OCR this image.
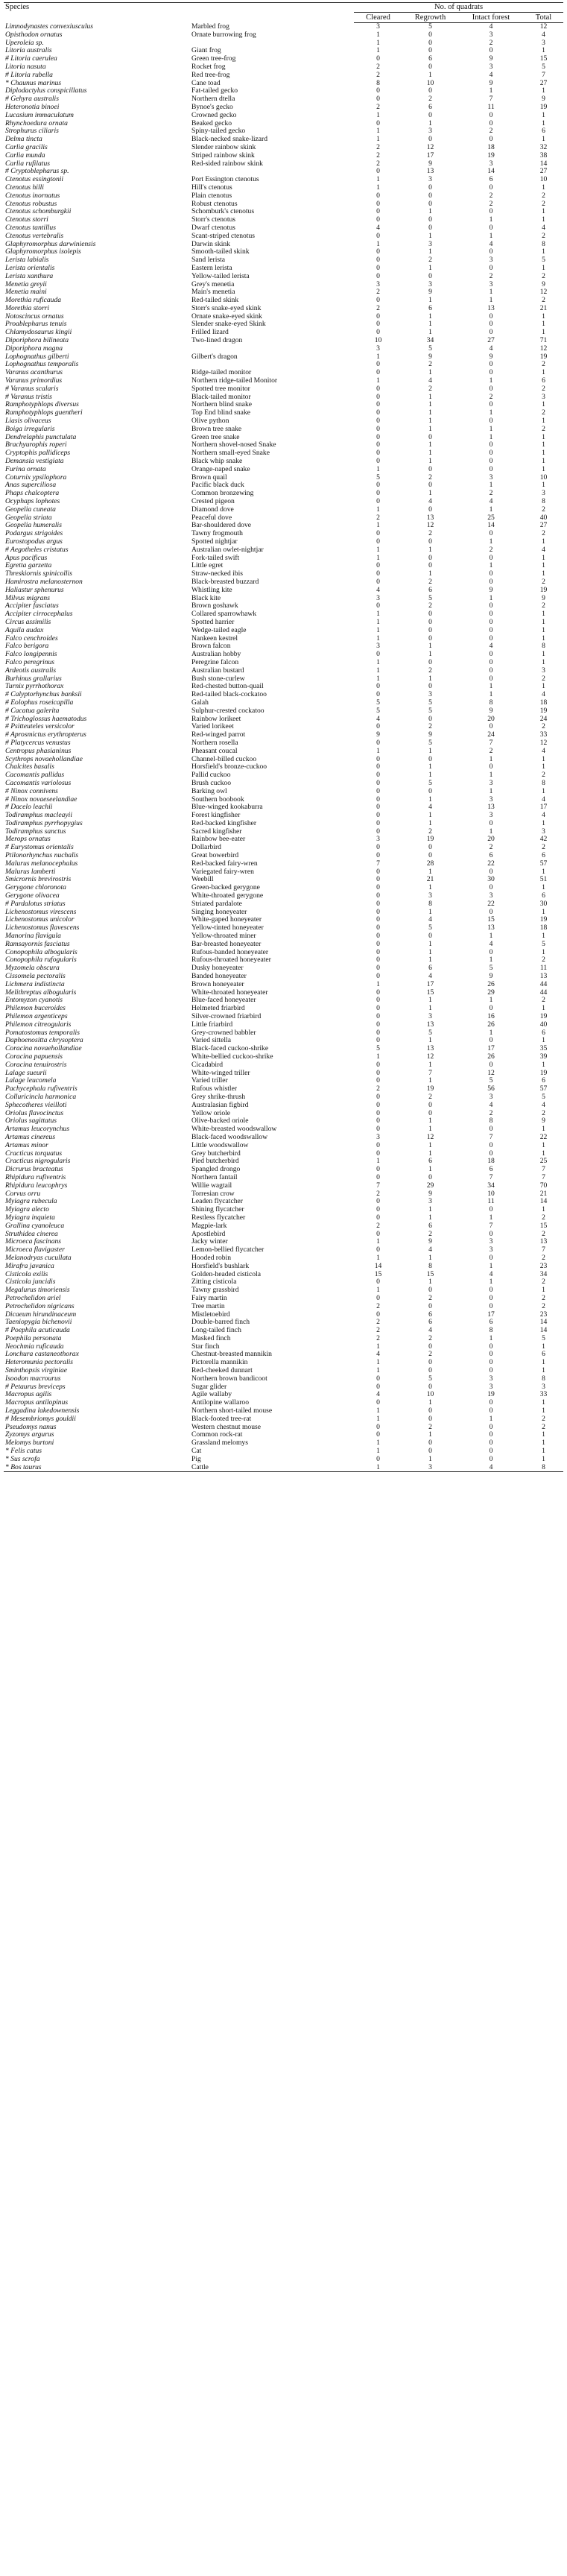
Species		No. of quadrats			
		Cleared	Regrowth	Intact forest	Total
Limnodynastes convexiusculus	Marbled frog	3	5	4	12
Opisthodon ornatus	Ornate burrowing frog	1	0	3	4
Uperoleia sp.		1	0	2	3
Litoria australis	Giant frog	1	0	0	1
# Litoria caerulea	Green tree-frog	0	6	9	15
Litoria nasuta	Rocket frog	2	0	3	5
# Litoria rubella	Red tree-frog	2	1	4	7
* Chaunus marinus	Cane toad	8	10	9	27
Diplodactylus conspicillatus	Fat-tailed gecko	0	0	1	1
# Gehyra australis	Northern dtella	0	2	7	9
Heteronotia binoei	Bynoe's gecko	2	6	11	19
Lucasium immaculatum	Crowned gecko	1	0	0	1
Rhynchoedura ornata	Beaked gecko	0	1	0	1
Strophurus ciliaris	Spiny-tailed gecko	1	3	2	6
Delma tincta	Black-necked snake-lizard	1	0	0	1
Carlia gracilis	Slender rainbow skink	2	12	18	32
Carlia munda	Striped rainbow skink	2	17	19	38
Carlia rufilatus	Red-sided rainbow skink	2	9	3	14
# Cryptoblepharus sp.		0	13	14	27
Ctenotus essingtonii	Port Essington ctenotus	1	3	6	10
Ctenotus hilli	Hill's ctenotus	1	0	0	1
Ctenotus inornatus	Plain ctenotus	0	0	2	2
Ctenotus robustus	Robust ctenotus	0	0	2	2
Ctenotus schomburgkii	Schomburk's ctenotus	0	1	0	1
Ctenotus storri	Storr's ctenotus	0	0	1	1
Ctenotus tantillus	Dwarf ctenotus	4	0	0	4
Ctenotus vertebralis	Scant-striped ctenotus	0	1	1	2
Glaphyromorphus darwiniensis	Darwin skink	1	3	4	8
Glaphyromorphus isolepis	Smooth-tailed skink	0	1	0	1
Lerista labialis	Sand lerista	0	2	3	5
Lerista orientalis	Eastern lerista	0	1	0	1
Lerista xanthura	Yellow-tailed lerista	0	0	2	2
Menetia greyii	Grey's menetia	3	3	3	9
Menetia maini	Main's menetia	2	9	1	12
Morethia ruficauda	Red-tailed skink	0	1	1	2
Morethia storri	Storr's snake-eyed skink	2	6	13	21
Notoscincus ornatus	Ornate snake-eyed skink	0	1	0	1
Proablepharus tenuis	Slender snake-eyed Skink	0	1	0	1
Chlamydosaurus kingii	Frilled lizard	0	1	0	1
Diporiphora bilineata	Two-lined dragon	10	34	27	71
Diporiphora magna		3	5	4	12
Lophognathus gilberti	Gilbert's dragon	1	9	9	19
Lophognathus temporalis		0	2	0	2
Varanus acanthurus	Ridge-tailed monitor	0	1	0	1
Varanus primordius	Northern ridge-tailed Monitor	1	4	1	6
# Varanus scalaris	Spotted tree monitor	0	2	0	2
# Varanus tristis	Black-tailed monitor	0	1	2	3
Ramphotyphlops diversus	Northern blind snake	0	1	0	1
Ramphotyphlops guentheri	Top End blind snake	0	1	1	2
Liasis olivaceus	Olive python	0	1	0	1
Boiga irregularis	Brown tree snake	0	1	1	2
Dendrelaphis punctulata	Green tree snake	0	0	1	1
Brachyurophis roperi	Northern shovel-nosed Snake	0	1	0	1
Cryptophis pallidiceps	Northern small-eyed Snake	0	1	0	1
Demansia vestigiata	Black whip snake	0	1	0	1
Furina ornata	Orange-naped snake	1	0	0	1
Coturnix ypsilophora	Brown quail	5	2	3	10
Anas superciliosa	Pacific black duck	0	0	1	1
Phaps chalcoptera	Common bronzewing	0	1	2	3
Ocyphaps lophotes	Crested pigeon	0	4	4	8
Geopelia cuneata	Diamond dove	1	0	1	2
Geopelia striata	Peaceful dove	2	13	25	40
Geopelia humeralis	Bar-shouldered dove	1	12	14	27
Podargus strigoides	Tawny frogmouth	0	2	0	2
Eurostopodus argus	Spotted nightjar	0	0	1	1
# Aegotheles cristatus	Australian owlet-nightjar	1	1	2	4
Apus pacificus	Fork-tailed swift	1	0	0	1
Egretta garzetta	Little egret	0	0	1	1
Threskiornis spinicollis	Straw-necked ibis	0	1	0	1
Hamirostra melanosternon	Black-breasted buzzard	0	2	0	2
Haliastur sphenurus	Whistling kite	4	6	9	19
Milvus migrans	Black kite	3	5	1	9
Accipiter fasciatus	Brown goshawk	0	2	0	2
Accipiter cirrocephalus	Collared sparrowhawk	1	0	0	1
Circus assimilis	Spotted harrier	1	0	0	1
Aquila audax	Wedge-tailed eagle	1	0	0	1
Falco cenchroides	Nankeen kestrel	1	0	0	1
Falco berigora	Brown falcon	3	1	4	8
Falco longipennis	Australian hobby	0	1	0	1
Falco peregrinus	Peregrine falcon	1	0	0	1
Ardeotis australis	Australian bustard	1	2	0	3
Burhinus grallarius	Bush stone-curlew	1	1	0	2
Turnix pyrrhothorax	Red-chested button-quail	0	0	1	1
# Calyptorhynchus banksii	Red-tailed black-cockatoo	0	3	1	4
# Eolophus roseicapilla	Galah	5	5	8	18
# Cacatua galerita	Sulphur-crested cockatoo	5	5	9	19
# Trichoglossus haematodus	Rainbow lorikeet	4	0	20	24
# Psitteuteles versicolor	Varied lorikeet	0	2	0	2
# Aprosmictus erythropterus	Red-winged parrot	9	9	24	33
# Platycercus venustus	Northern rosella	0	5	7	12
Centropus phasianinus	Pheasant coucal	1	1	2	4
Scythrops novaehollandiae	Channel-billed cuckoo	0	0	1	1
Chalcites basalis	Horsfield's bronze-cuckoo	0	1	0	1
Cacomantis pallidus	Pallid cuckoo	0	1	1	2
Cacomantis variolosus	Brush cuckoo	0	5	3	8
# Ninox connivens	Barking owl	0	0	1	1
# Ninox novaeseelandiae	Southern boobook	0	1	3	4
# Dacelo leachii	Blue-winged kookaburra	0	4	13	17
Todiramphus macleayii	Forest kingfisher	0	1	3	4
Todiramphus pyrrhopygius	Red-backed kingfisher	0	1	0	1
Todiramphus sanctus	Sacred kingfisher	0	2	1	3
Merops ornatus	Rainbow bee-eater	3	19	20	42
# Eurystomus orientalis	Dollarbird	0	0	2	2
Ptilonorhynchus nuchalis	Great bowerbird	0	0	6	6
Malurus melanocephalus	Red-backed fairy-wren	7	28	22	57
Malurus lamberti	Variegated fairy-wren	0	1	0	1
Smicrornis brevirostris	Weebill	0	21	30	51
Gerygone chloronota	Green-backed gerygone	0	1	0	1
Gerygone olivacea	White-throated gerygone	0	3	3	6
# Pardalotus striatus	Striated pardalote	0	8	22	30
Lichenostomus virescens	Singing honeyeater	0	1	0	1
Lichenostomus unicolor	White-gaped honeyeater	0	4	15	19
Lichenostomus flavescens	Yellow-tinted honeyeater	0	5	13	18
Manorina flavigula	Yellow-throated miner	0	0	1	1
Ramsayornis fasciatus	Bar-breasted honeyeater	0	1	4	5
Conopophila albogularis	Rufous-banded honeyeater	0	1	0	1
Conopophila rufogularis	Rufous-throated honeyeater	0	1	1	2
Myzomela obscura	Dusky honeyeater	0	6	5	11
Cissomela pectoralis	Banded honeyeater	0	4	9	13
Lichmera indistincta	Brown honeyeater	1	17	26	44
Melithreptus albogularis	White-throated honeyeater	0	15	29	44
Entomyzon cyanotis	Blue-faced honeyeater	0	1	1	2
Philemon buceroides	Helmeted friarbird	0	1	0	1
Philemon argenticeps	Silver-crowned friarbird	0	3	16	19
Philemon citreogularis	Little friarbird	0	13	26	40
Pomatostomus temporalis	Grey-crowned babbler	0	5	1	6
Daphoenositta chrysoptera	Varied sittella	0	1	0	1
Coracina novaehollandiae	Black-faced cuckoo-shrike	5	13	17	35
Coracina papuensis	White-bellied cuckoo-shrike	1	12	26	39
Coracina tenuirostris	Cicadabird	0	1	0	1
Lalage sueurii	White-winged triller	0	7	12	19
Lalage leucomela	Varied triller	0	1	5	6
Pachycephala rufiventris	Rufous whistler	2	19	56	57
Colluricincla harmonica	Grey shrike-thrush	0	2	3	5
Sphecotheres vieilloti	Australasian figbird	0	0	4	4
Oriolus flavocinctus	Yellow oriole	0	0	2	2
Oriolus sagittatus	Olive-backed oriole	0	1	8	9
Artamus leucorynchus	White-breasted woodswallow	0	1	0	1
Artamus cinereus	Black-faced woodswallow	3	12	7	22
Artamus minor	Little woodswallow	0	1	0	1
Cracticus torquatus	Grey butcherbird	0	1	0	1
Cracticus nigrogularis	Pied butcherbird	1	6	18	25
Dicrurus bracteatus	Spangled drongo	0	1	6	7
Rhipidura rufiventris	Northern fantail	0	0	7	7
Rhipidura leucophrys	Willie wagtail	7	29	34	70
Corvus orru	Torresian crow	2	9	10	21
Myiagra rubecula	Leaden flycatcher	0	3	11	14
Myiagra alecto	Shining flycatcher	0	1	0	1
Myiagra inquieta	Restless flycatcher	0	1	1	2
Grallina cyanoleuca	Magpie-lark	2	6	7	15
Struthidea cinerea	Apostlebird	0	2	0	2
Microeca fascinans	Jacky winter	1	9	3	13
Microeca flavigaster	Lemon-bellied flycatcher	0	4	3	7
Melanodryas cucullata	Hooded robin	1	1	0	2
Mirafra javanica	Horsfield's bushlark	14	8	1	23
Cisticola exilis	Golden-headed cisticola	15	15	4	34
Cisticola juncidis	Zitting cisticola	0	1	1	2
Megalurus timoriensis	Tawny grassbird	1	0	0	1
Petrochelidon ariel	Fairy martin	0	2	0	2
Petrochelidon nigricans	Tree martin	2	0	0	2
Dicaeum hirundinaceum	Mistletoebird	0	6	17	23
Taeniopygia bichenovii	Double-barred finch	2	6	6	14
# Poephila acuticauda	Long-tailed finch	2	4	8	14
Poephila personata	Masked finch	2	2	1	5
Neochmia ruficauda	Star finch	1	0	0	1
Lonchura castaneothorax	Chestnut-breasted mannikin	4	2	0	6
Heteromunia pectoralis	Pictorella mannikin	1	0	0	1
Sminthopsis virginiae	Red-cheeked dunnart	1	0	0	1
Isoodon macrourus	Northern brown bandicoot	0	5	3	8
# Petaurus breviceps	Sugar glider	0	0	3	3
Macropus agilis	Agile wallaby	4	10	19	33
Macropus antilopinus	Antilopine wallaroo	0	1	0	1
Leggadina lakedownensis	Northern short-tailed mouse	1	0	0	1
# Mesembriomys gouldii	Black-footed tree-rat	1	0	1	2
Pseudomys nanus	Western chestnut mouse	0	2	0	2
Zyzomys argurus	Common rock-rat	0	1	0	1
Melomys burtoni	Grassland melomys	1	0	0	1
* Felis catus	Cat	1	0	0	1
* Sus scrofa	Pig	0	1	0	1
* Bos taurus	Cattle	1	3	4	8
